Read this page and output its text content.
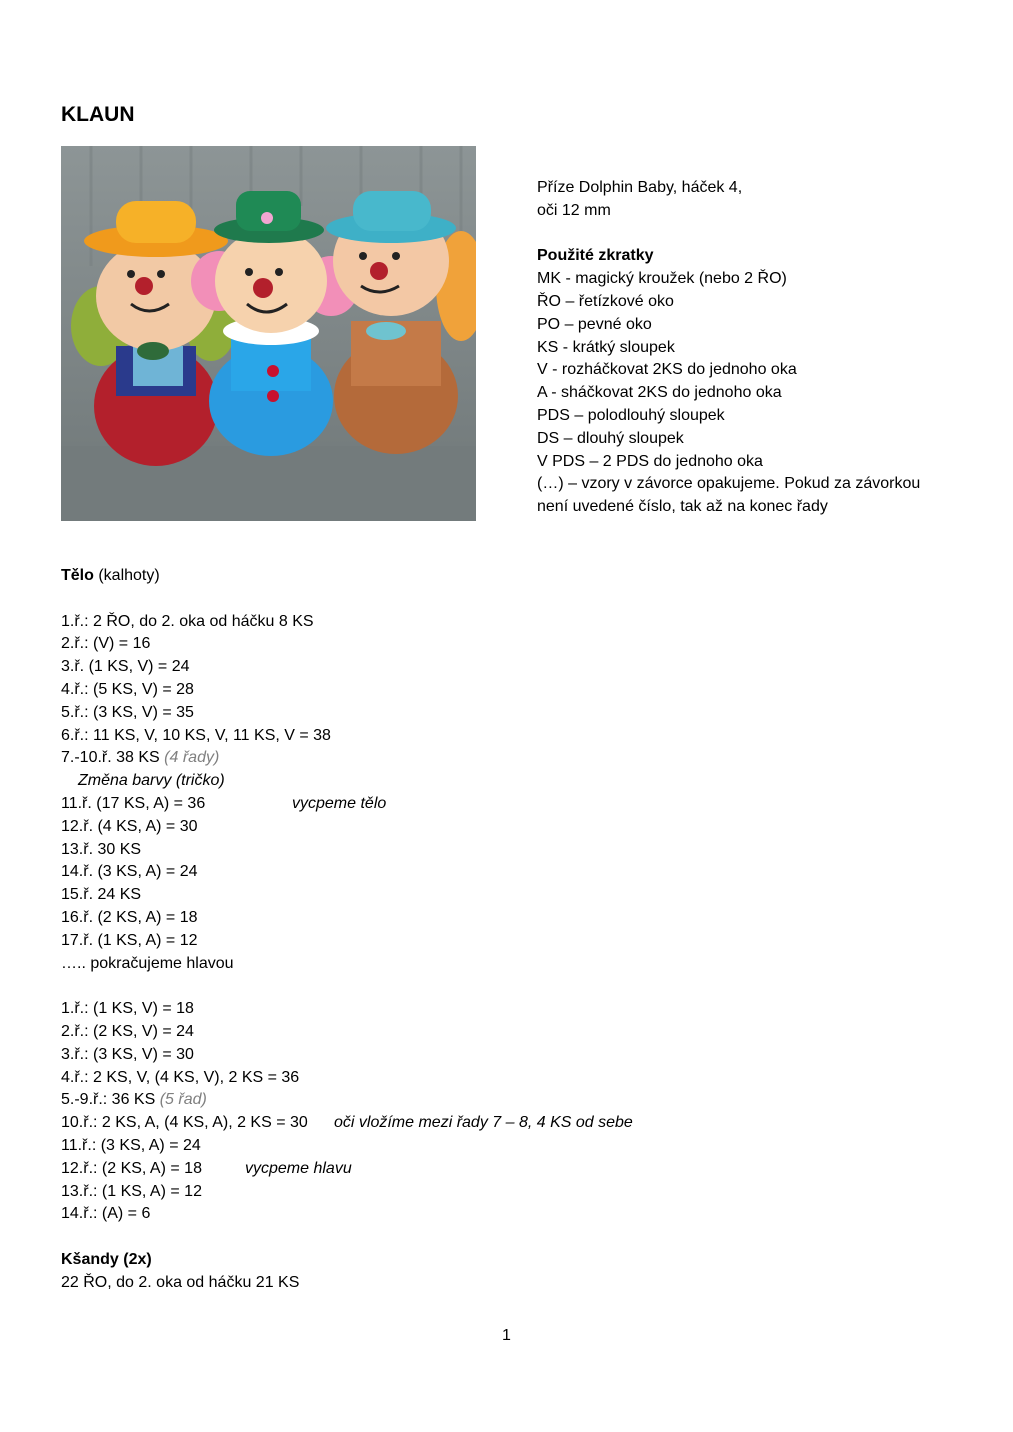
KLAUN
Příze Dolphin Baby, háček 4,
oči 12 mm
Použité zkratky
MK - magický kroužek (nebo 2 ŘO)
ŘO – řetízkové oko
PO – pevné oko
KS - krátký sloupek
V - rozháčkovat 2KS do jednoho oka
A - sháčkovat 2KS do jednoho oka
PDS – polodlouhý sloupek
DS – dlouhý sloupek
V PDS – 2 PDS do jednoho oka
(…) – vzory v závorce opakujeme. Pokud za závorkou
není uvedené číslo, tak až na konec řady
Tělo (kalhoty)
1.ř.: 2 ŘO, do 2. oka od háčku 8 KS
2.ř.: (V) = 16
3.ř. (1 KS, V) = 24
4.ř.: (5 KS, V) = 28
5.ř.: (3 KS, V) = 35
6.ř.: 11 KS, V, 10 KS, V, 11 KS, V = 38
7.-10.ř. 38 KS (4 řady)
Změna barvy (tričko)
11.ř. (17 KS, A) = 36	vycpeme tělo
12.ř. (4 KS, A) = 30
13.ř. 30 KS
14.ř. (3 KS, A) = 24
15.ř. 24 KS
16.ř. (2 KS, A) = 18
17.ř. (1 KS, A) = 12
….. pokračujeme hlavou
1.ř.: (1 KS, V) = 18
2.ř.: (2 KS, V) = 24
3.ř.: (3 KS, V) = 30
4.ř.: 2 KS, V, (4 KS, V), 2 KS = 36
5.-9.ř.: 36 KS (5 řad)
10.ř.: 2 KS, A, (4 KS, A), 2 KS = 30 oči vložíme mezi řady 7 – 8, 4 KS od sebe
11.ř.: (3 KS, A) = 24
12.ř.: (2 KS, A) = 18	vycpeme hlavu
13.ř.: (1 KS, A) = 12
14.ř.: (A) = 6
Kšandy (2x)
22 ŘO, do 2. oka od háčku 21 KS
1
